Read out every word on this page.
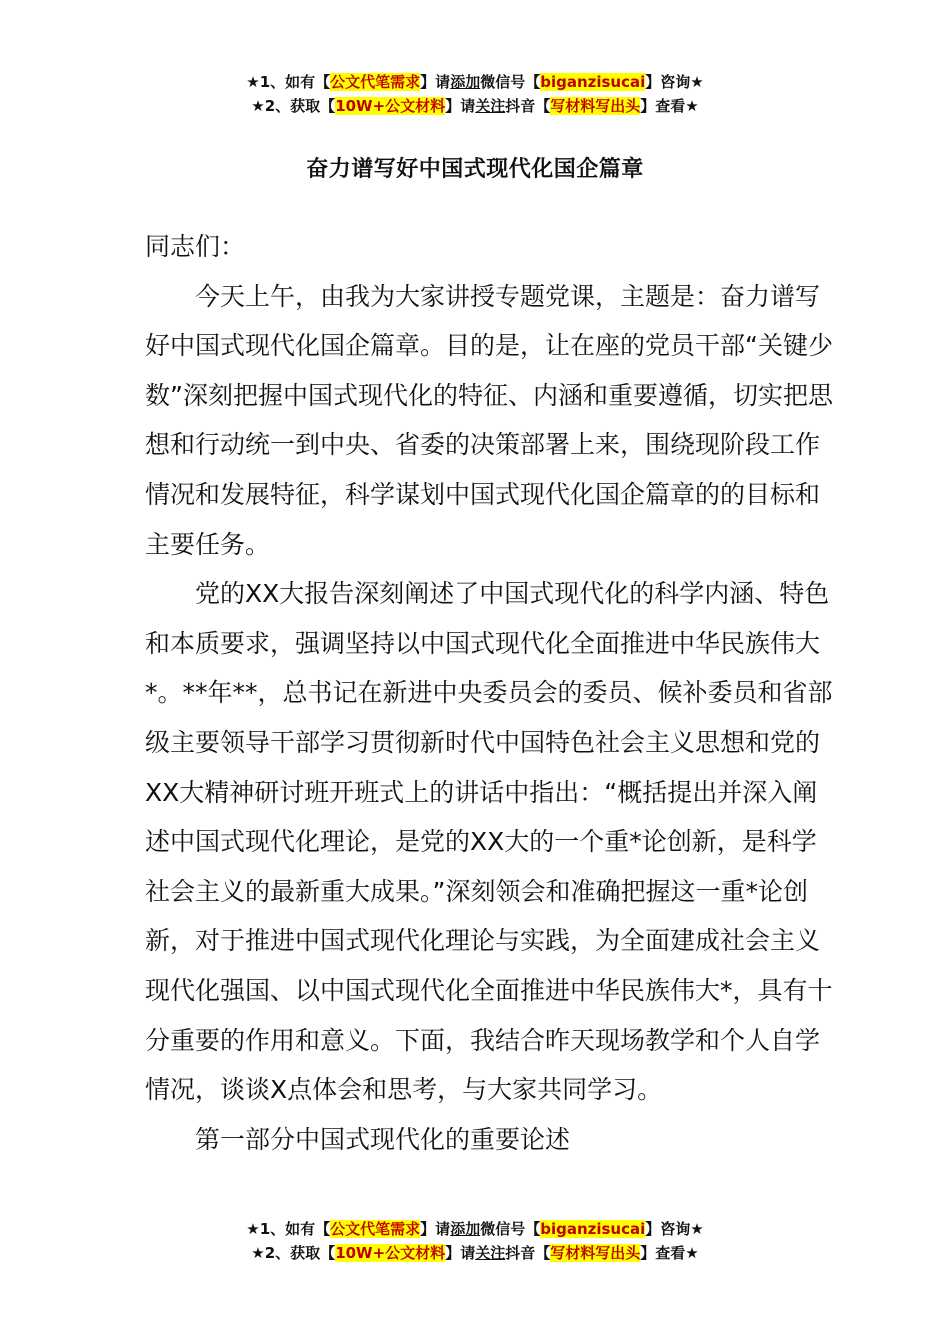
★1、如有【公文代笔需求】请添加微信号【biganzisucai】咨询★
★2、获取【10W+公文材料】请关注抖音【写材料写出头】查看★
奋力谱写好中国式现代化国企篇章

同志们：

今天上午，由我为大家讲授专题党课，主题是：奋力谱写好中国式现代化国企篇章。目的是，让在座的党员干部“关键少数”深刻把握中国式现代化的特征、内涵和重要遵循，切实把思想和行动统一到中央、省委的决策部署上来，围绕现阶段工作情况和发展特征，科学谋划中国式现代化国企篇章的的目标和主要任务。

党的XX大报告深刻阐述了中国式现代化的科学内涵、特色和本质要求，强调坚持以中国式现代化全面推进中华民族伟大*。**年**，总书记在新进中央委员会的委员、候补委员和省部级主要领导干部学习贯彻新时代中国特色社会主义思想和党的XX大精神研讨班开班式上的讲话中指出：“概括提出并深入阐述中国式现代化理论，是党的XX大的一个重*论创新，是科学社会主义的最新重大成果。”深刻领会和准确把握这一重*论创新，对于推进中国式现代化理论与实践，为全面建成社会主义现代化强国、以中国式现代化全面推进中华民族伟大*，具有十分重要的作用和意义。下面，我结合昨天现场教学和个人自学情况，谈谈X点体会和思考，与大家共同学习。

第一部分中国式现代化的重要论述

★1、如有【公文代笔需求】请添加微信号【biganzisucai】咨询★
★2、获取【10W+公文材料】请关注抖音【写材料写出头】查看★
